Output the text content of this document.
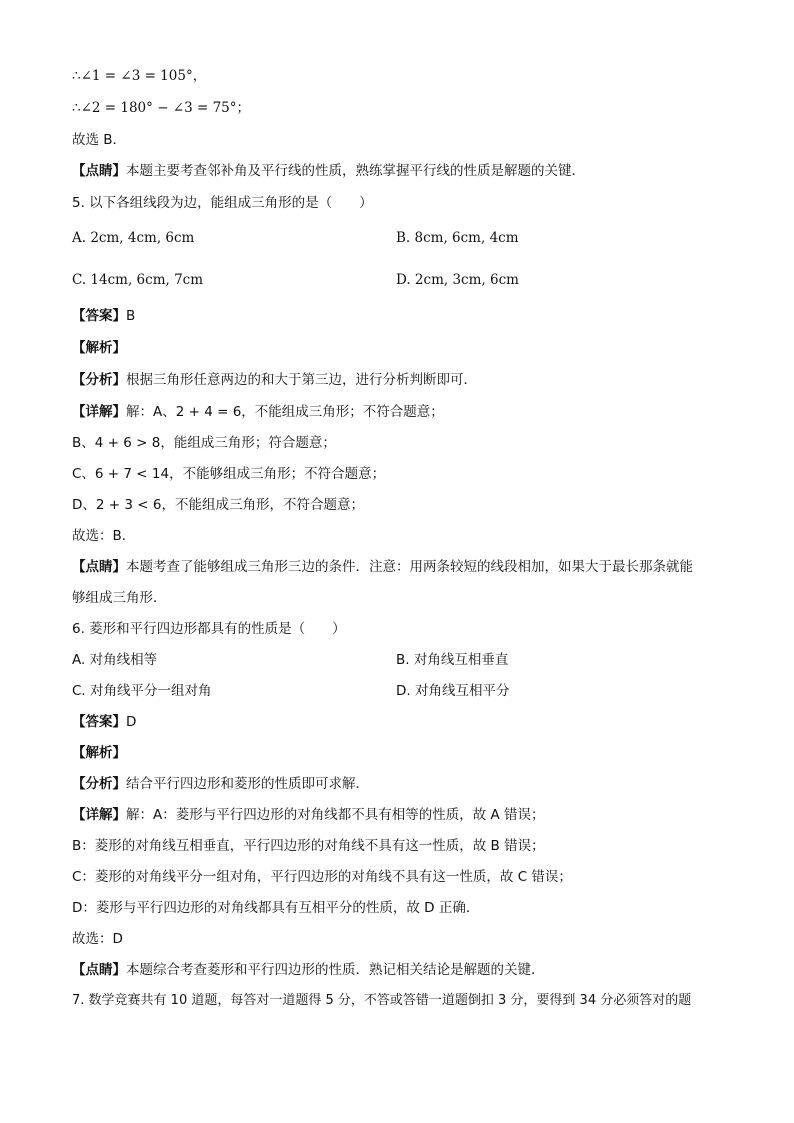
∴∠1 = ∠3 = 105°，
∴∠2 = 180° − ∠3 = 75°；
故选 B．
【点睛】本题主要考查邻补角及平行线的性质，熟练掌握平行线的性质是解题的关键．
5. 以下各组线段为边，能组成三角形的是（　　）
A. 2cm, 4cm, 6cm	B. 8cm, 6cm, 4cm
C. 14cm, 6cm, 7cm	D. 2cm, 3cm, 6cm
【答案】B
【解析】
【分析】根据三角形任意两边的和大于第三边，进行分析判断即可．
【详解】解：A、2 + 4 = 6，不能组成三角形；不符合题意；
B、4 + 6 > 8，能组成三角形；符合题意；
C、6 + 7 < 14，不能够组成三角形；不符合题意；
D、2 + 3 < 6，不能组成三角形，不符合题意；
故选：B．
【点睛】本题考查了能够组成三角形三边的条件．注意：用两条较短的线段相加，如果大于最长那条就能
够组成三角形．
6. 菱形和平行四边形都具有的性质是（　　）
A. 对角线相等	B. 对角线互相垂直
C. 对角线平分一组对角	D. 对角线互相平分
【答案】D
【解析】
【分析】结合平行四边形和菱形的性质即可求解．
【详解】解：A：菱形与平行四边形的对角线都不具有相等的性质，故 A 错误；
B：菱形的对角线互相垂直，平行四边形的对角线不具有这一性质，故 B 错误；
C：菱形的对角线平分一组对角，平行四边形的对角线不具有这一性质，故 C 错误；
D：菱形与平行四边形的对角线都具有互相平分的性质，故 D 正确．
故选：D
【点睛】本题综合考查菱形和平行四边形的性质．熟记相关结论是解题的关键．
7. 数学竞赛共有 10 道题，每答对一道题得 5 分，不答或答错一道题倒扣 3 分，要得到 34 分必须答对的题
